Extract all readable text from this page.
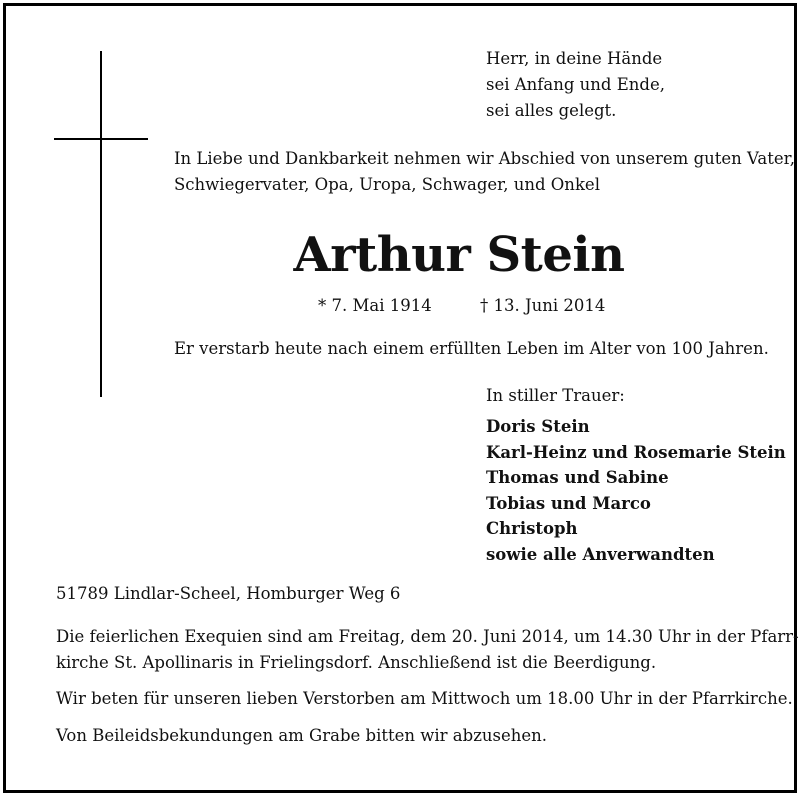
Herr, in deine Hände
sei Anfang und Ende,
sei alles gelegt.
In Liebe und Dankbarkeit nehmen wir Abschied von unserem guten Vater,
Schwiegervater, Opa, Uropa, Schwager, und Onkel
Arthur Stein
* 7. Mai 1914	† 13. Juni 2014
Er verstarb heute nach einem erfüllten Leben im Alter von 100 Jahren.
In stiller Trauer:
Doris Stein
Karl-Heinz und Rosemarie Stein
Thomas und Sabine
Tobias und Marco
Christoph
sowie alle Anverwandten
51789 Lindlar-Scheel, Homburger Weg 6
Die feierlichen Exequien sind am Freitag, dem 20. Juni 2014, um 14.30 Uhr in der Pfarr-
kirche St. Apollinaris in Frielingsdorf. Anschließend ist die Beerdigung.
Wir beten für unseren lieben Verstorben am Mittwoch um 18.00 Uhr in der Pfarrkirche.
Von Beileidsbekundungen am Grabe bitten wir abzusehen.
